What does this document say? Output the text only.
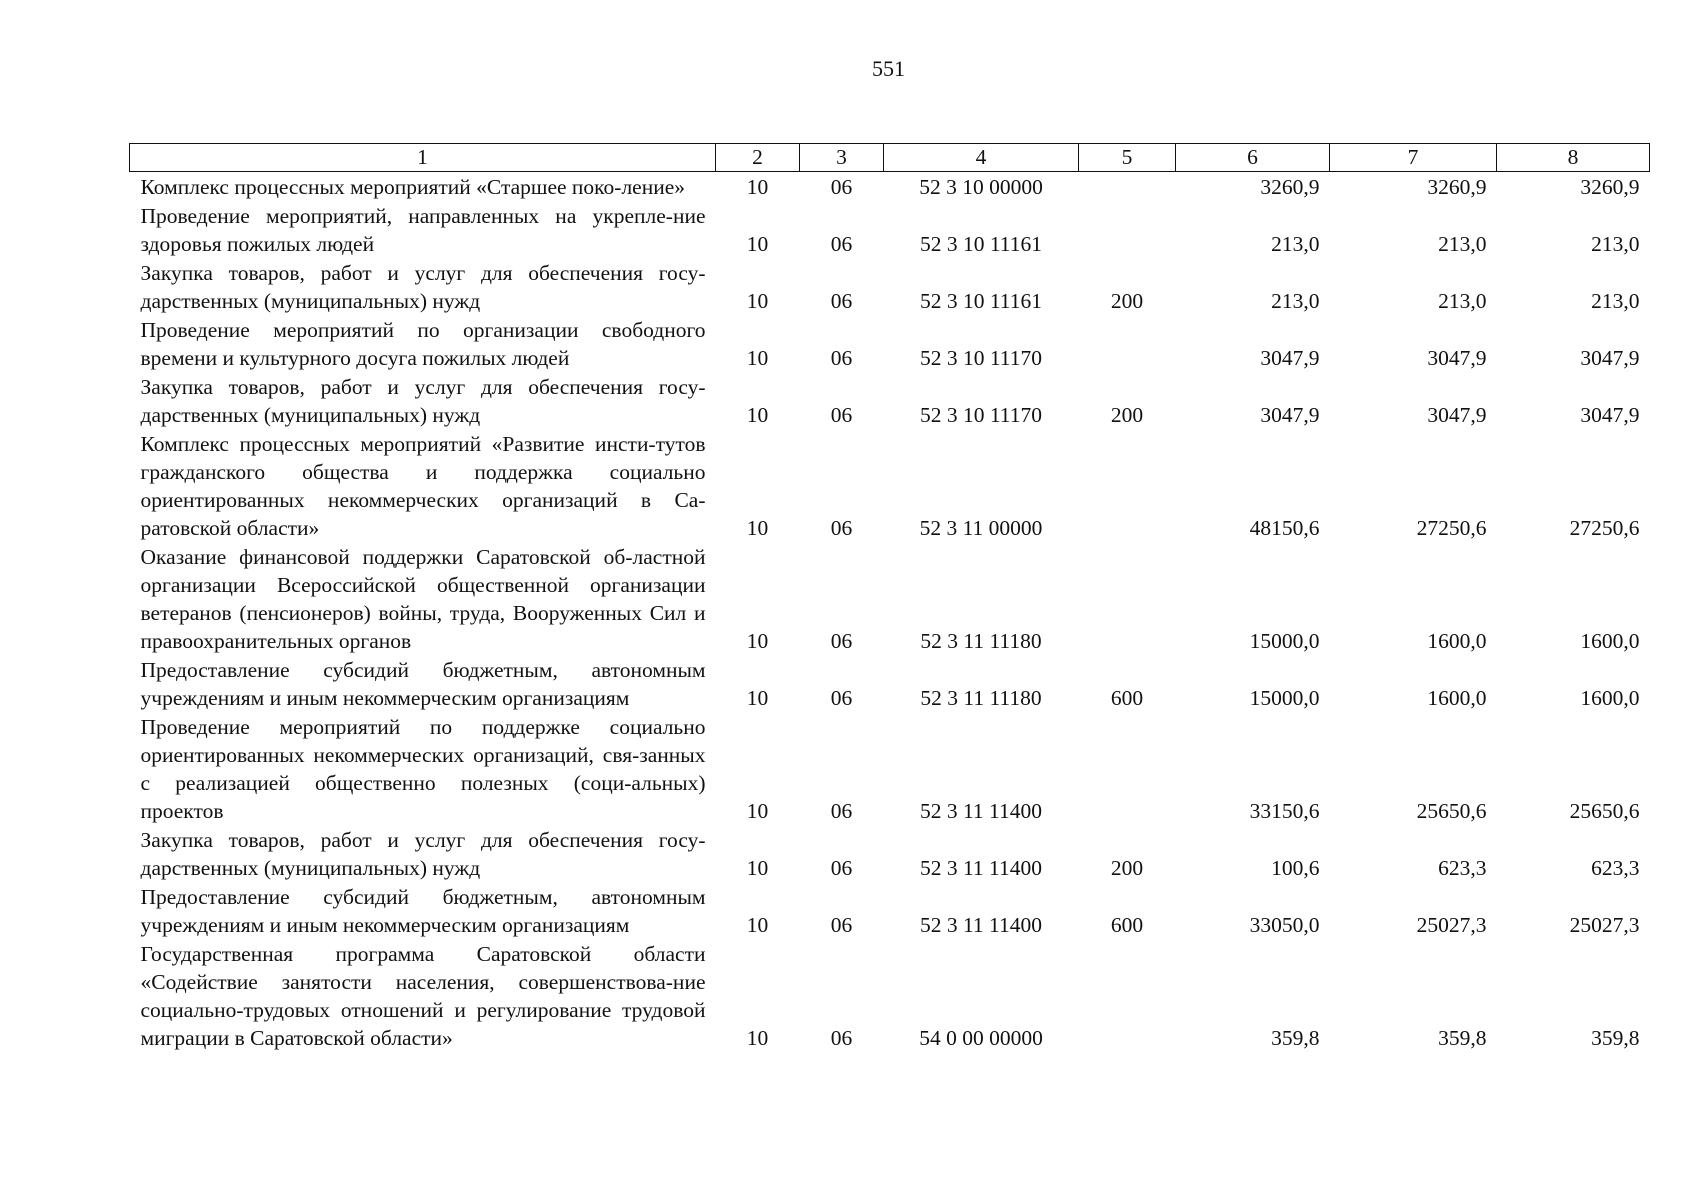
551
1	2	3	4	5	6	7	8
Комплекс процессных мероприятий «Старшее поко-ление»	10	06	52 3 10 00000		3260,9	3260,9	3260,9
Проведение мероприятий, направленных на укрепле-ние здоровья пожилых людей	10	06	52 3 10 11161		213,0	213,0	213,0
Закупка товаров, работ и услуг для обеспечения госу-дарственных (муниципальных) нужд	10	06	52 3 10 11161	200	213,0	213,0	213,0
Проведение мероприятий по организации свободного времени и культурного досуга пожилых людей	10	06	52 3 10 11170		3047,9	3047,9	3047,9
Закупка товаров, работ и услуг для обеспечения госу-дарственных (муниципальных) нужд	10	06	52 3 10 11170	200	3047,9	3047,9	3047,9
Комплекс процессных мероприятий «Развитие инсти-тутов гражданского общества и поддержка социально ориентированных некоммерческих организаций в Са-ратовской области»	10	06	52 3 11 00000		48150,6	27250,6	27250,6
Оказание финансовой поддержки Саратовской об-ластной организации Всероссийской общественной организации ветеранов (пенсионеров) войны, труда, Вооруженных Сил и правоохранительных органов	10	06	52 3 11 11180		15000,0	1600,0	1600,0
Предоставление субсидий бюджетным, автономным учреждениям и иным некоммерческим организациям	10	06	52 3 11 11180	600	15000,0	1600,0	1600,0
Проведение мероприятий по поддержке социально ориентированных некоммерческих организаций, свя-занных с реализацией общественно полезных (соци-альных) проектов	10	06	52 3 11 11400		33150,6	25650,6	25650,6
Закупка товаров, работ и услуг для обеспечения госу-дарственных (муниципальных) нужд	10	06	52 3 11 11400	200	100,6	623,3	623,3
Предоставление субсидий бюджетным, автономным учреждениям и иным некоммерческим организациям	10	06	52 3 11 11400	600	33050,0	25027,3	25027,3
Государственная программа Саратовской области «Содействие занятости населения, совершенствова-ние социально-трудовых отношений и регулирование трудовой миграции в Саратовской области»	10	06	54 0 00 00000		359,8	359,8	359,8
